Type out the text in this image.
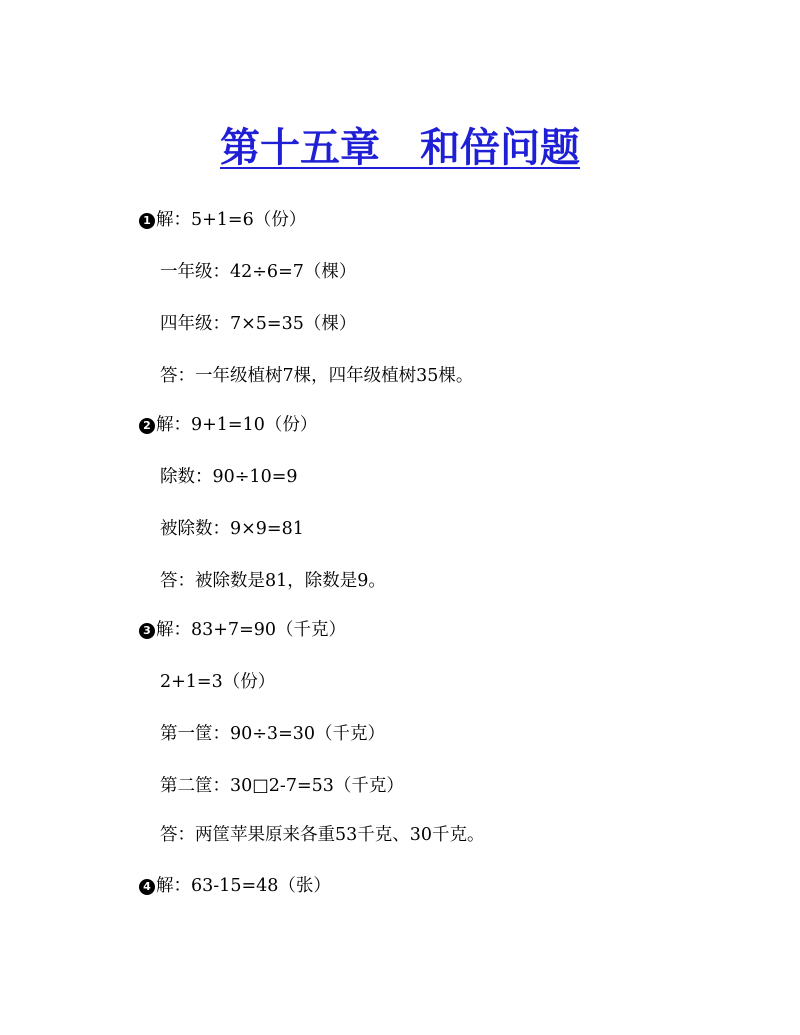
第十五章　和倍问题
1 解：5+1=6（份）
一年级：42÷6=7（棵）
四年级：7×5=35（棵）
答：一年级植树7棵，四年级植树35棵。
2 解：9+1=10（份）
除数：90÷10=9
被除数：9×9=81
答：被除数是81，除数是9。
3 解：83+7=90（千克）
2+1=3（份）
第一筐：90÷3=30（千克）
第二筐：30□2-7=53（千克）
答：两筐苹果原来各重53千克、30千克。
4 解：63-15=48（张）
